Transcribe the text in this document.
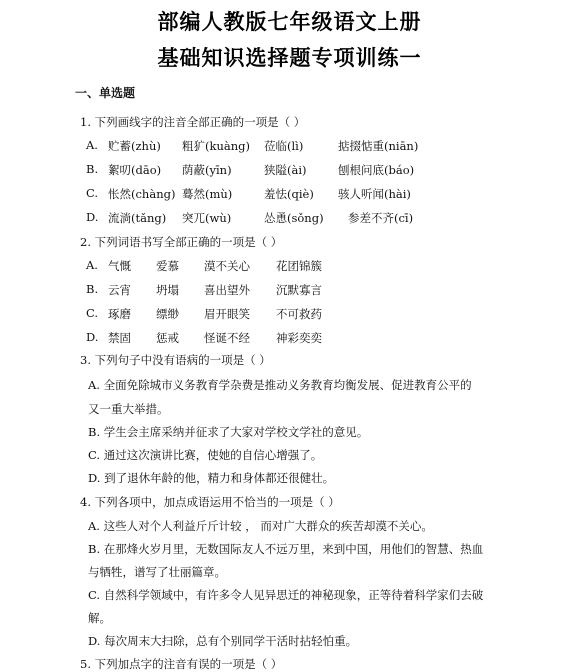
部编人教版七年级语文上册
基础知识选择题专项训练一
一、单选题
1. 下列画线字的注音全部正确的一项是（ ）
A. 贮蓄(zhù) 粗犷(kuàng) 莅临(lì)	掂掇惦重(niān)
B. 絮叨(dāo) 荫蔽(yīn)	狭隘(ài)	刨根问底(báo)
C. 怅然(chàng) 蓦然(mù)	羞怯(qiè) 骇人听闻(hài)
D. 流淌(tǎng) 突兀(wù)	怂恿(sǒng) 参差不齐(cī)
2. 下列词语书写全部正确的一项是（ ）
A. 气慨 爱慕 漠不关心 花团锦簇
B. 云宵 坍塌 喜出望外 沉默寡言
C. 琢磨 缥缈 眉开眼笑 不可救药
D. 禁固 惩戒 怪诞不经 神彩奕奕
3. 下列句子中没有语病的一项是（ ）
A. 全面免除城市义务教育学杂费是推动义务教育均衡发展、促进教育公平的
又一重大举措。
B. 学生会主席采纳并征求了大家对学校文学社的意见。
C. 通过这次演讲比赛，使她的自信心增强了。
D. 到了退休年龄的他，精力和身体都还很健壮。
4. 下列各项中，加点成语运用不恰当的一项是（ ）
A. 这些人对个人利益斤斤计较 ， 而对广大群众的疾苦却漠不关心。
B. 在那烽火岁月里，无数国际友人不远万里，来到中国，用他们的智慧、热血
与牺牲，谱写了壮丽篇章。
C. 自然科学领域中，有许多令人见异思迁的神秘现象，正等待着科学家们去破
解。
D. 每次周末大扫除，总有个别同学干活时拈轻怕重。
5. 下列加点字的注音有误的一项是（ ）
